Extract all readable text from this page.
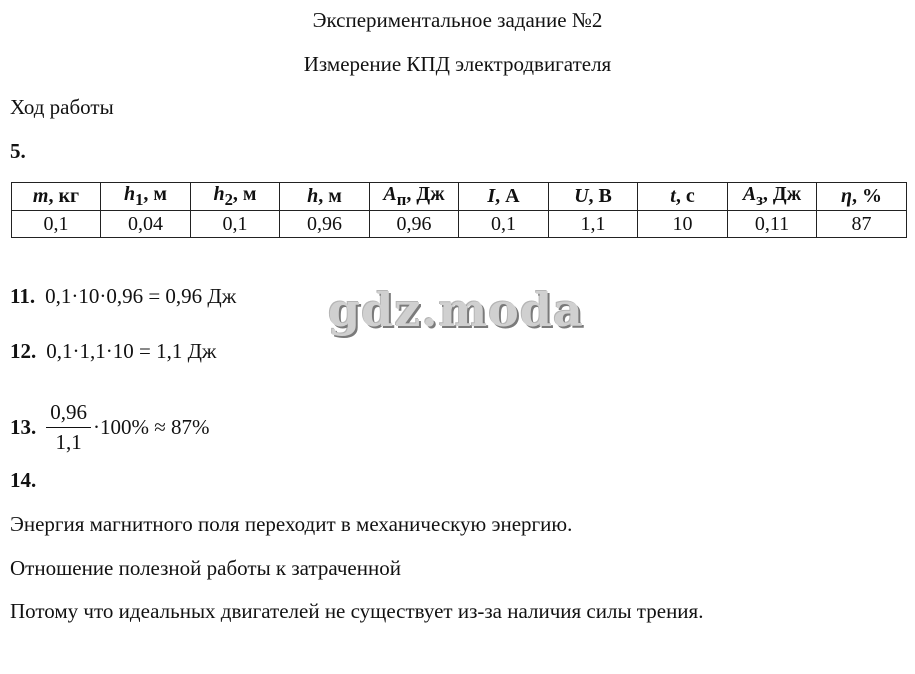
Экспериментальное задание №2
Измерение КПД электродвигателя
Ход работы
5.
m, кг	$h_1$, м	$h_2$, м	h, м	$A_п$, Дж	I, А	U, В	t, с	$A_з$, Дж	η, %
0,1	0,04	0,1	0,96	0,96	0,1	1,1	10	0,11	87
11. 0,1·10·0,96 = 0,96 Дж
12. 0,1·1,1·10 = 1,1 Дж
13. $\frac{0,96}{1,1} \cdot 100\% \approx 87\%$
14.
Энергия магнитного поля переходит в механическую энергию.
Отношение полезной работы к затраченной
Потому что идеальных двигателей не существует из-за наличия силы трения.
gdz.moda
